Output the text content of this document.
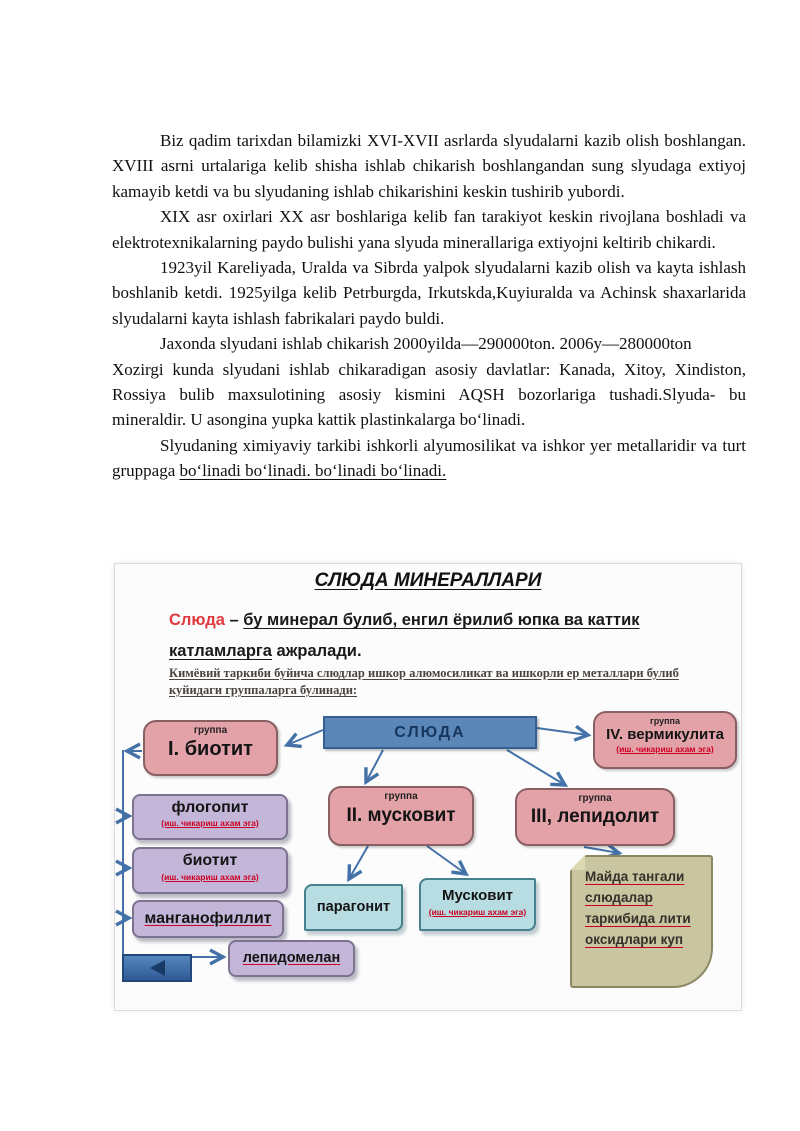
Biz qadim tarixdan bilamizki XVI-XVII asrlarda slyudalarni kazib olish boshlangan. XVIII asrni urtalariga kelib shisha ishlab chikarish boshlangandan sung slyudaga extiyoj kamayib ketdi va bu slyudaning ishlab chikarishini keskin tushirib yubordi.

XIX asr oxirlari XX asr boshlariga kelib fan tarakiyot keskin rivojlana boshladi va elektrotexnikalarning paydo bulishi yana slyuda minerallariga extiyojni keltirib chikardi.

1923yil Kareliyada, Uralda va Sibrda yalpok slyudalarni kazib olish va kayta ishlash boshlanib ketdi. 1925yilga kelib Petrburgda, Irkutskda,Kuyiuralda va Achinsk shaxarlarida slyudalarni kayta ishlash fabrikalari paydo buldi.

Jaxonda slyudani ishlab chikarish 2000yilda—290000ton. 2006y—280000ton

Xozirgi kunda slyudani ishlab chikaradigan asosiy davlatlar: Kanada, Xitoy, Xindiston, Rossiya bulib maxsulotining asosiy kismini AQSH bozorlariga tushadi.Slyuda- bu mineraldir. U asongina yupka kattik plastinkalarga bo‘linadi.

Slyudaning ximiyaviy tarkibi ishkorli alyumosilikat va ishkor yer metallaridir va turt gruppaga bo‘linadi bo‘linadi. bo‘linadi bo‘linadi.

СЛЮДА МИНЕРАЛЛАРИ
Слюда – бу минерал булиб, енгил ёрилиб юпка ва каттик катламларга ажралади.
Кимёвий таркиби буйича слюдлар ишкор алюмосиликат ва ишкорли ер металлари булиб куйидаги группаларга булинади:
СЛЮДА
группа
I. биотит
группа
II. мусковит
группа
III, лепидолит
группа
IV. вермикулита
(иш. чикариш ахам эга)
флогопит
(иш. чикариш ахам эга)
биотит
(иш. чикариш ахам эга)
манганофиллит
лепидомелан
парагонит
Мусковит
(иш. чикариш ахам эга)
Майда тангали слюдалар таркибида лити оксидлари куп
